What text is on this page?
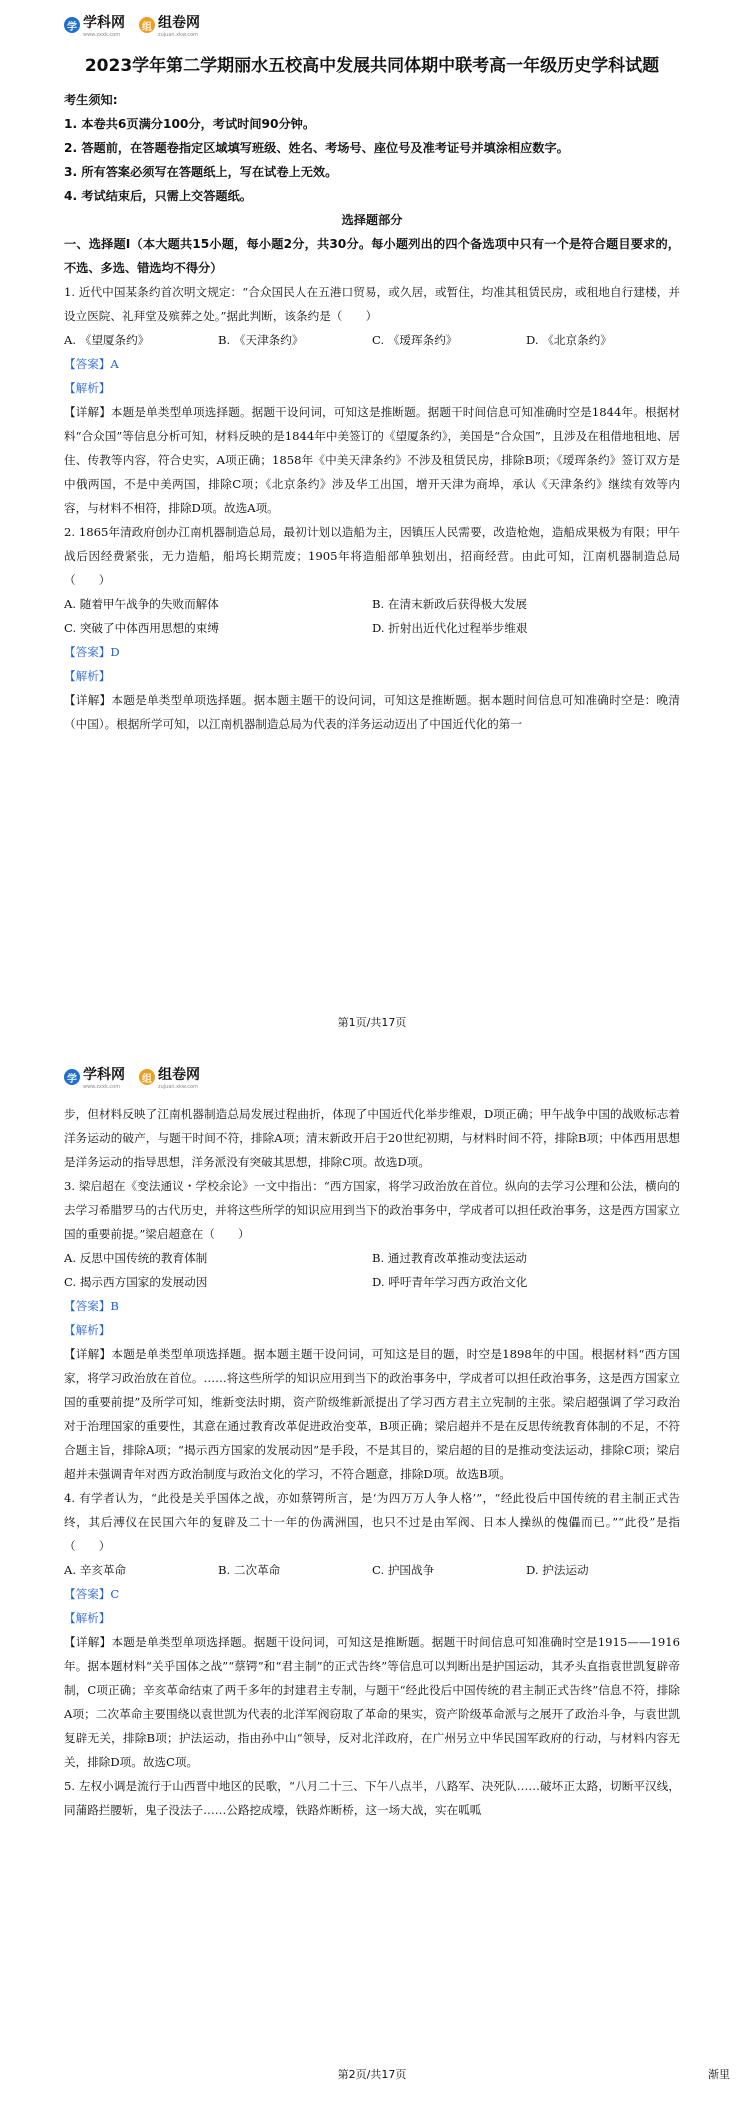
学 学科网
www.zxxk.com
组 组卷网
zujuan.xkw.com
2023学年第二学期丽水五校高中发展共同体期中联考高一年级历史学科试题
考生须知:
1. 本卷共6页满分100分，考试时间90分钟。
2. 答题前，在答题卷指定区域填写班级、姓名、考场号、座位号及准考证号并填涂相应数字。
3. 所有答案必须写在答题纸上，写在试卷上无效。
4. 考试结束后，只需上交答题纸。
选择题部分
一、选择题Ⅰ（本大题共15小题，每小题2分，共30分。每小题列出的四个备选项中只有一个是符合题目要求的，不选、多选、错选均不得分）
1. 近代中国某条约首次明文规定：“合众国民人在五港口贸易，或久居，或暂住，均准其租赁民房，或租地自行建楼，并设立医院、礼拜堂及殡葬之处。”据此判断，该条约是（　　）
A. 《望厦条约》	B. 《天津条约》	C. 《瑷珲条约》	D. 《北京条约》
【答案】A
【解析】
【详解】本题是单类型单项选择题。据题干设问词，可知这是推断题。据题干时间信息可知准确时空是1844年。根据材料“合众国”等信息分析可知，材料反映的是1844年中美签订的《望厦条约》，美国是“合众国”，且涉及在租借地租地、居住、传教等内容，符合史实，A项正确；1858年《中美天津条约》不涉及租赁民房，排除B项；《瑷珲条约》签订双方是中俄两国，不是中美两国，排除C项；《北京条约》涉及华工出国，增开天津为商埠，承认《天津条约》继续有效等内容，与材料不相符，排除D项。故选A项。
2. 1865年清政府创办江南机器制造总局，最初计划以造船为主，因镇压人民需要，改造枪炮，造船成果极为有限；甲午战后因经费紧张，无力造船，船坞长期荒废；1905年将造船部单独划出，招商经营。由此可知，江南机器制造总局（　　）
A. 随着甲午战争的失败而解体	B. 在清末新政后获得极大发展
C. 突破了中体西用思想的束缚	D. 折射出近代化过程举步维艰
【答案】D
【解析】
【详解】本题是单类型单项选择题。据本题主题干的设问词，可知这是推断题。据本题时间信息可知准确时空是：晚清（中国）。根据所学可知，以江南机器制造总局为代表的洋务运动迈出了中国近代化的第一
第1页/共17页
学 学科网
www.zxxk.com
组 组卷网
zujuan.xkw.com
步，但材料反映了江南机器制造总局发展过程曲折，体现了中国近代化举步维艰，D项正确；甲午战争中国的战败标志着洋务运动的破产，与题干时间不符，排除A项；清末新政开启于20世纪初期，与材料时间不符，排除B项；中体西用思想是洋务运动的指导思想，洋务派没有突破其思想，排除C项。故选D项。
3. 梁启超在《变法通议・学校余论》一文中指出：“西方国家，将学习政治放在首位。纵向的去学习公理和公法，横向的去学习希腊罗马的古代历史，并将这些所学的知识应用到当下的政治事务中，学成者可以担任政治事务，这是西方国家立国的重要前提。”梁启超意在（　　）
A. 反思中国传统的教育体制	B. 通过教育改革推动变法运动
C. 揭示西方国家的发展动因	D. 呼吁青年学习西方政治文化
【答案】B
【解析】
【详解】本题是单类型单项选择题。据本题主题干设问词，可知这是目的题，时空是1898年的中国。根据材料“西方国家，将学习政治放在首位。……将这些所学的知识应用到当下的政治事务中，学成者可以担任政治事务，这是西方国家立国的重要前提”及所学可知，维新变法时期，资产阶级维新派提出了学习西方君主立宪制的主张。梁启超强调了学习政治对于治理国家的重要性，其意在通过教育改革促进政治变革，B项正确；梁启超并不是在反思传统教育体制的不足，不符合题主旨，排除A项；“揭示西方国家的发展动因”是手段，不是其目的，梁启超的目的是推动变法运动，排除C项；梁启超并未强调青年对西方政治制度与政治文化的学习，不符合题意，排除D项。故选B项。
4. 有学者认为，“此役是关乎国体之战，亦如蔡锷所言，是‘为四万万人争人格’”，“经此役后中国传统的君主制正式告终，其后溥仪在民国六年的复辟及二十一年的伪满洲国，也只不过是由军阀、日本人操纵的傀儡而已。”“此役”是指（　　）
A. 辛亥革命	B. 二次革命	C. 护国战争	D. 护法运动
【答案】C
【解析】
【详解】本题是单类型单项选择题。据题干设问词，可知这是推断题。据题干时间信息可知准确时空是1915——1916年。据本题材料“关乎国体之战”“蔡锷”和“君主制”的正式告终”等信息可以判断出是护国运动，其矛头直指袁世凯复辟帝制，C项正确；辛亥革命结束了两千多年的封建君主专制，与题干“经此役后中国传统的君主制正式告终”信息不符，排除A项；二次革命主要围绕以袁世凯为代表的北洋军阀窃取了革命的果实，资产阶级革命派与之展开了政治斗争，与袁世凯复辟无关，排除B项；护法运动，指由孙中山“领导，反对北洋政府，在广州另立中华民国军政府的行动，与材料内容无关，排除D项。故选C项。
5. 左权小调是流行于山西晋中地区的民歌，“八月二十三、下午八点半，八路军、决死队……破坏正太路，切断平汉线，同蒲路拦腰斩，鬼子没法子……公路挖成壕，铁路炸断桥，这一场大战，实在呱呱
第2页/共17页	渐里
